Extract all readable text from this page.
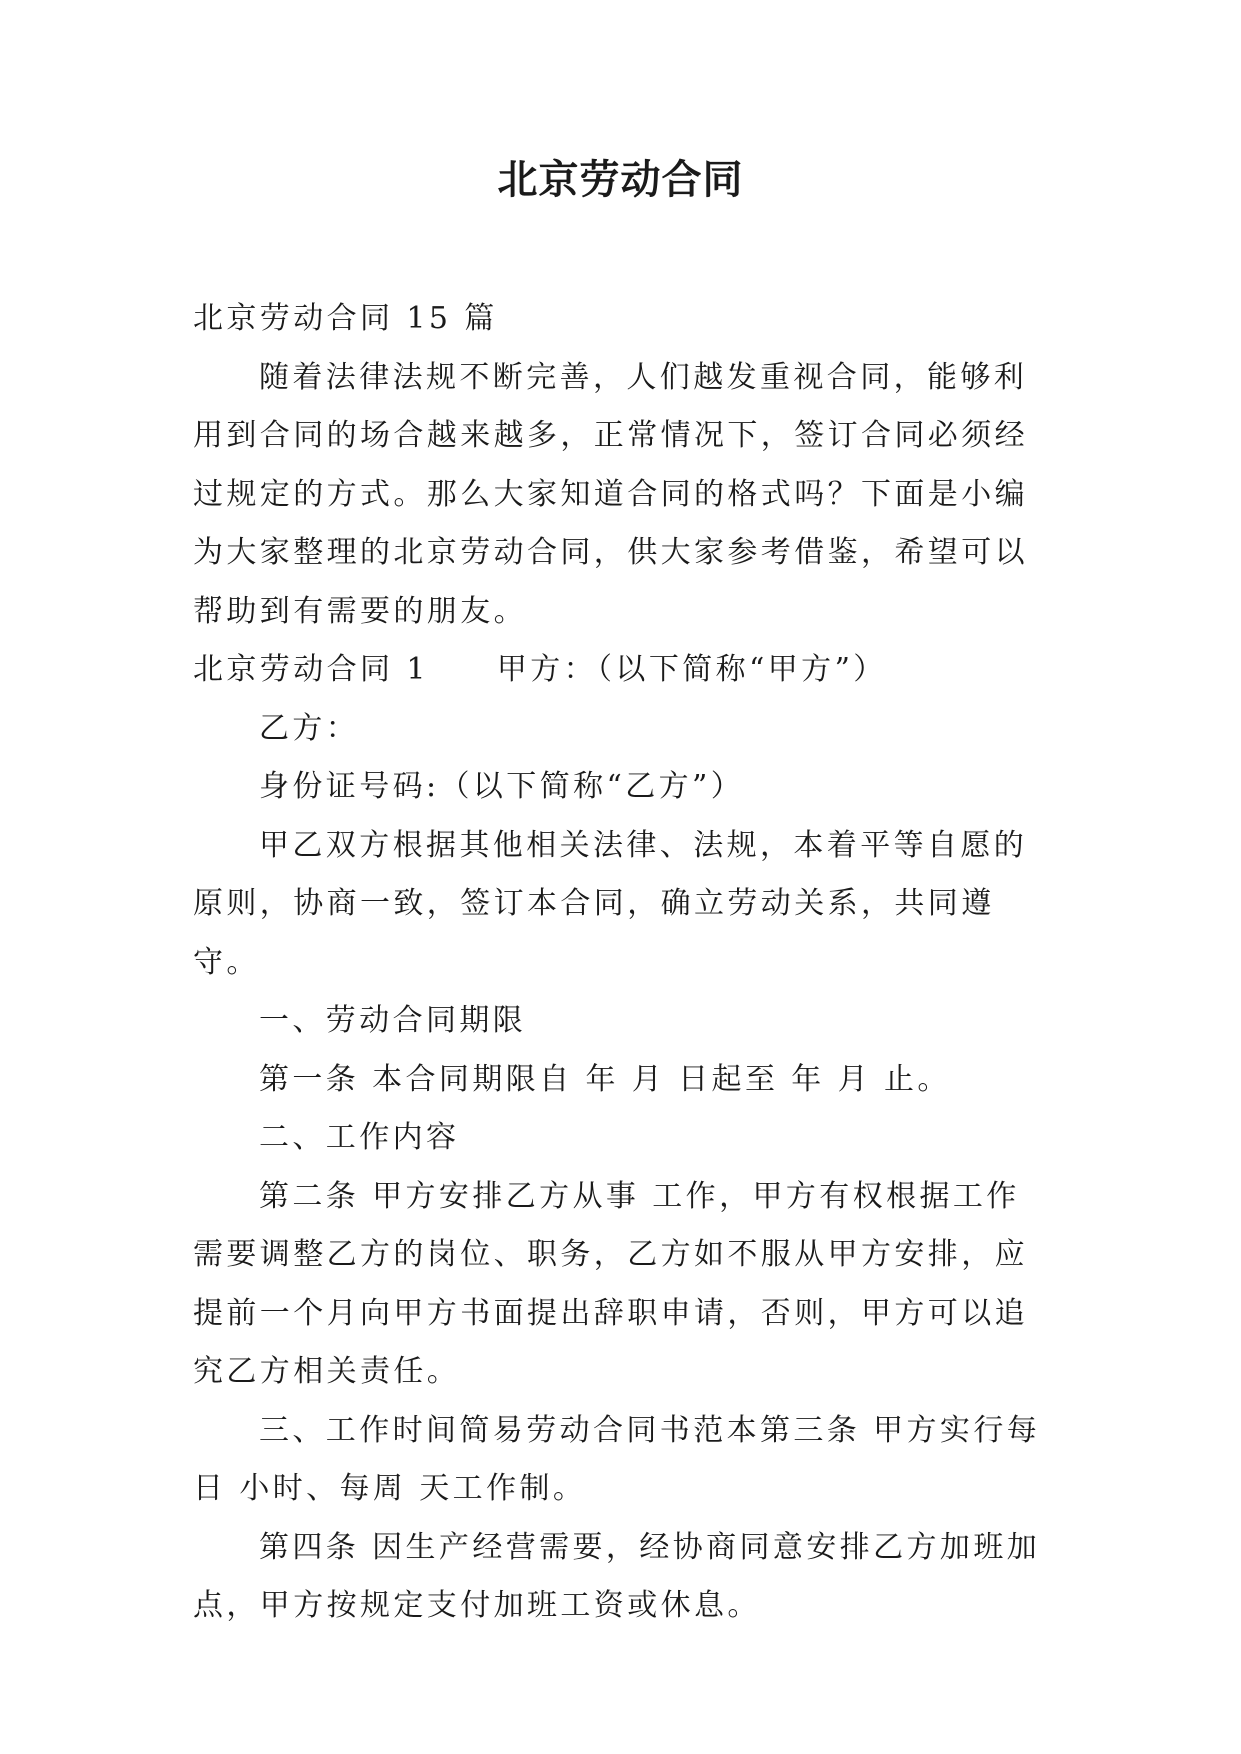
北京劳动合同

北京劳动合同 15 篇

随着法律法规不断完善，人们越发重视合同，能够利用到合同的场合越来越多，正常情况下，签订合同必须经过规定的方式。那么大家知道合同的格式吗？下面是小编为大家整理的北京劳动合同，供大家参考借鉴，希望可以帮助到有需要的朋友。

北京劳动合同 1 甲方：（以下简称“甲方”）

乙方：

身份证号码:（以下简称“乙方”）

甲乙双方根据其他相关法律、法规，本着平等自愿的原则，协商一致，签订本合同，确立劳动关系，共同遵守。

一、劳动合同期限

第一条 本合同期限自 年 月 日起至 年 月 止。

二、工作内容

第二条 甲方安排乙方从事 工作，甲方有权根据工作需要调整乙方的岗位、职务，乙方如不服从甲方安排，应提前一个月向甲方书面提出辞职申请，否则，甲方可以追究乙方相关责任。

三、工作时间简易劳动合同书范本第三条 甲方实行每日 小时、每周 天工作制。

第四条 因生产经营需要，经协商同意安排乙方加班加点，甲方按规定支付加班工资或休息。
